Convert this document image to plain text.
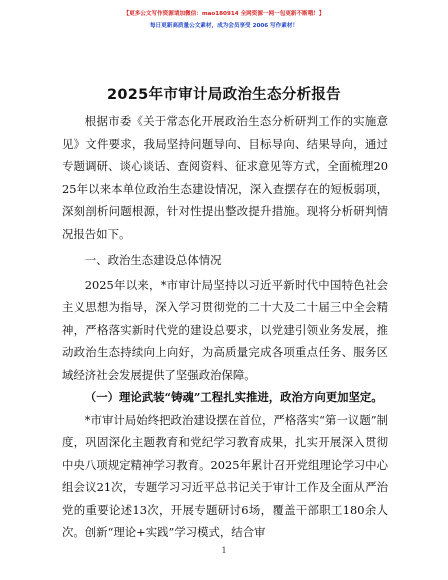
【更多公文写作资源请加微信：mao180914 全网资源一网一包更新不断哦！】
每日更新高质量公文素材，成为会员享受 2006 写作素材！
2025年市审计局政治生态分析报告

根据市委《关于常态化开展政治生态分析研判工作的实施意见》文件要求，我局坚持问题导向、目标导向、结果导向，通过专题调研、谈心谈话、查阅资料、征求意见等方式，全面梳理2025年以来本单位政治生态建设情况，深入查摆存在的短板弱项，深刻剖析问题根源，针对性提出整改提升措施。现将分析研判情况报告如下。

一、政治生态建设总体情况

2025年以来，*市审计局坚持以习近平新时代中国特色社会主义思想为指导，深入学习贯彻党的二十大及二十届三中全会精神，严格落实新时代党的建设总要求，以党建引领业务发展，推动政治生态持续向上向好，为高质量完成各项重点任务、服务区域经济社会发展提供了坚强政治保障。

（一）理论武装“铸魂”工程扎实推进，政治方向更加坚定。

*市审计局始终把政治建设摆在首位，严格落实“第一议题”制度，巩固深化主题教育和党纪学习教育成果，扎实开展深入贯彻中央八项规定精神学习教育。2025年累计召开党组理论学习中心组会议21次，专题学习习近平总书记关于审计工作及全面从严治党的重要论述13次，开展专题研讨6场，覆盖干部职工180余人次。创新“理论+实践”学习模式，结合审

1
